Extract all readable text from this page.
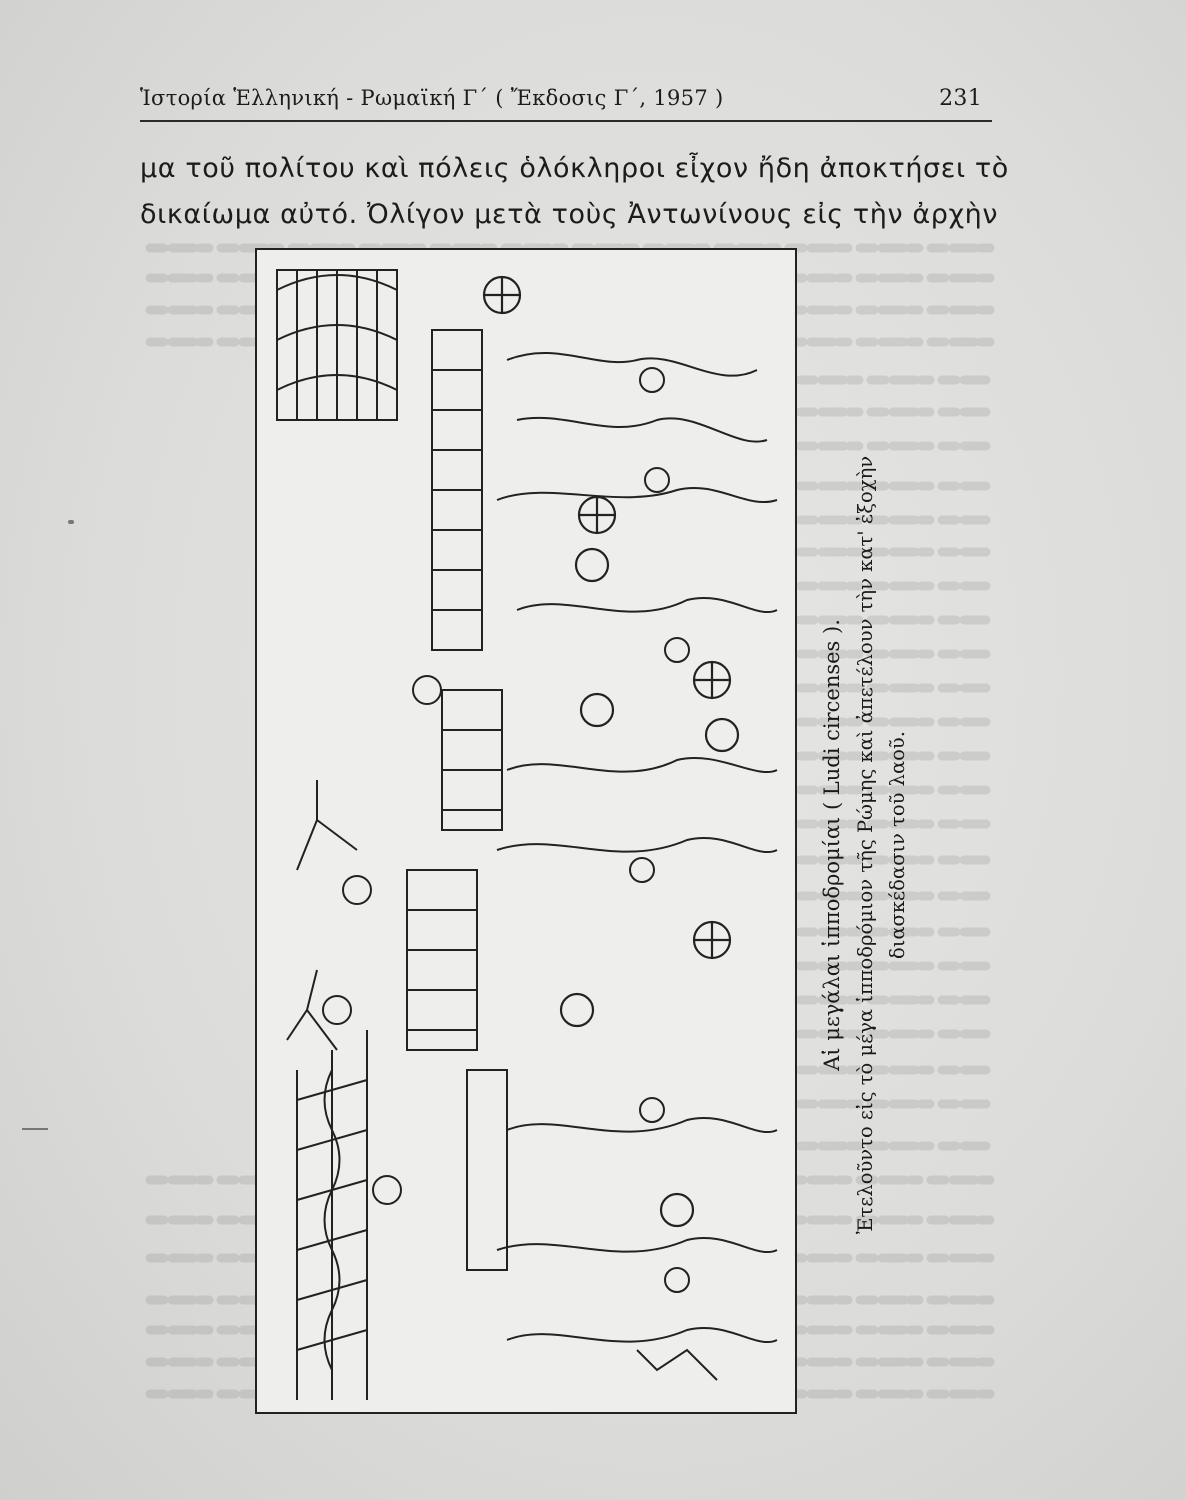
Ἱστορία Ἑλληνική - Ρωμαϊκή Γ΄ ( Ἔκδοσις Γ΄, 1957 )	231
μα τοῦ πολίτου καὶ πόλεις ὁλόκληροι εἶχον ἤδη ἀποκτήσει τὸ
δικαίωμα αὐτό. Ὀλίγον μετὰ τοὺς Ἀντωνίνους εἰς τὴν ἀρχὴν
Αἱ μεγάλαι ἱπποδρομίαι ( Ludi circenses ). Ἐτελοῦντο εἰς τὸ μέγα ἱπποδρόμιον τῆς Ρώμης καὶ ἀπετέλουν τὴν κατ' ἐξοχὴν διασκέδασιν τοῦ λαοῦ.
